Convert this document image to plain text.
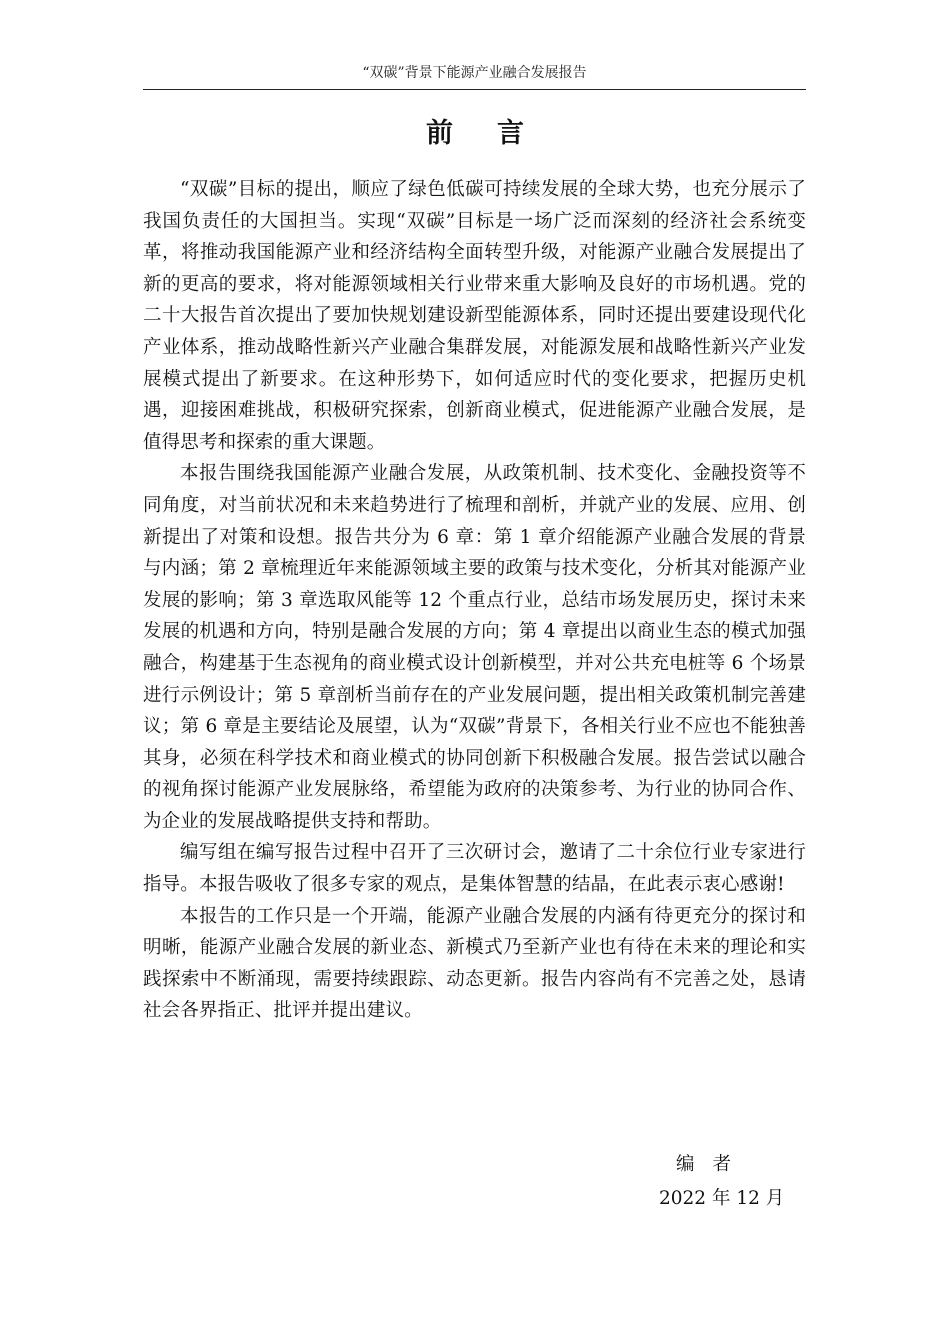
“双碳”背景下能源产业融合发展报告
前言

“双碳”目标的提出，顺应了绿色低碳可持续发展的全球大势，也充分展示了我国负责任的大国担当。实现“双碳”目标是一场广泛而深刻的经济社会系统变革，将推动我国能源产业和经济结构全面转型升级，对能源产业融合发展提出了新的更高的要求，将对能源领域相关行业带来重大影响及良好的市场机遇。党的二十大报告首次提出了要加快规划建设新型能源体系，同时还提出要建设现代化产业体系，推动战略性新兴产业融合集群发展，对能源发展和战略性新兴产业发展模式提出了新要求。在这种形势下，如何适应时代的变化要求，把握历史机遇，迎接困难挑战，积极研究探索，创新商业模式，促进能源产业融合发展，是值得思考和探索的重大课题。

本报告围绕我国能源产业融合发展，从政策机制、技术变化、金融投资等不同角度，对当前状况和未来趋势进行了梳理和剖析，并就产业的发展、应用、创新提出了对策和设想。报告共分为 6 章：第 1 章介绍能源产业融合发展的背景与内涵；第 2 章梳理近年来能源领域主要的政策与技术变化，分析其对能源产业发展的影响；第 3 章选取风能等 12 个重点行业，总结市场发展历史，探讨未来发展的机遇和方向，特别是融合发展的方向；第 4 章提出以商业生态的模式加强融合，构建基于生态视角的商业模式设计创新模型，并对公共充电桩等 6 个场景进行示例设计；第 5 章剖析当前存在的产业发展问题，提出相关政策机制完善建议；第 6 章是主要结论及展望，认为“双碳”背景下，各相关行业不应也不能独善其身，必须在科学技术和商业模式的协同创新下积极融合发展。报告尝试以融合的视角探讨能源产业发展脉络，希望能为政府的决策参考、为行业的协同合作、为企业的发展战略提供支持和帮助。

编写组在编写报告过程中召开了三次研讨会，邀请了二十余位行业专家进行指导。本报告吸收了很多专家的观点，是集体智慧的结晶，在此表示衷心感谢!

本报告的工作只是一个开端，能源产业融合发展的内涵有待更充分的探讨和明晰，能源产业融合发展的新业态、新模式乃至新产业也有待在未来的理论和实践探索中不断涌现，需要持续跟踪、动态更新。报告内容尚有不完善之处，恳请社会各界指正、批评并提出建议。

编者
2022 年 12 月
